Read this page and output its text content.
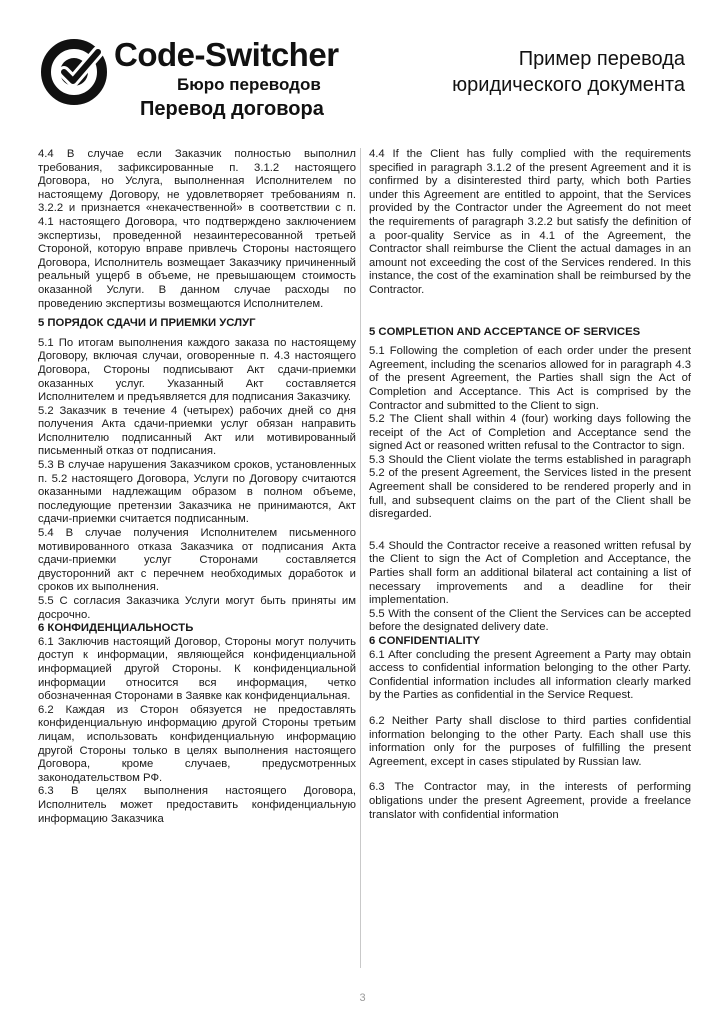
Code-Switcher
Бюро переводов
Перевод договора
Пример перевода
юридического документа

4.4 В случае если Заказчик полностью выполнил требования, зафиксированные п. 3.1.2 настоящего Договора, но Услуга, выполненная Исполнителем по настоящему Договору, не удовлетворяет требованиям п. 3.2.2 и признается «некачественной» в соответствии с п. 4.1 настоящего Договора, что подтверждено заключением экспертизы, проведенной незаинтересованной третьей Стороной, которую вправе привлечь Стороны настоящего Договора, Исполнитель возмещает Заказчику причиненный реальный ущерб в объеме, не превышающем стоимость оказанной Услуги. В данном случае расходы по проведению экспертизы возмещаются Исполнителем.

5 ПОРЯДОК СДАЧИ И ПРИЕМКИ УСЛУГ

5.1 По итогам выполнения каждого заказа по настоящему Договору, включая случаи, оговоренные п. 4.3 настоящего Договора, Стороны подписывают Акт сдачи-приемки оказанных услуг. Указанный Акт составляется Исполнителем и предъявляется для подписания Заказчику.

5.2 Заказчик в течение 4 (четырех) рабочих дней со дня получения Акта сдачи-приемки услуг обязан направить Исполнителю подписанный Акт или мотивированный письменный отказ от подписания.

5.3 В случае нарушения Заказчиком сроков, установленных п. 5.2 настоящего Договора, Услуги по Договору считаются оказанными надлежащим образом в полном объеме, последующие претензии Заказчика не принимаются, Акт сдачи-приемки считается подписанным.

5.4 В случае получения Исполнителем письменного мотивированного отказа Заказчика от подписания Акта сдачи-приемки услуг Сторонами составляется двусторонний акт с перечнем необходимых доработок и сроков их выполнения.

5.5 С согласия Заказчика Услуги могут быть приняты им досрочно.

6 КОНФИДЕНЦИАЛЬНОСТЬ

6.1 Заключив настоящий Договор, Стороны могут получить доступ к информации, являющейся конфиденциальной информацией другой Стороны. К конфиденциальной информации относится вся информация, четко обозначенная Сторонами в Заявке как конфиденциальная.

6.2 Каждая из Сторон обязуется не предоставлять конфиденциальную информацию другой Стороны третьим лицам, использовать конфиденциальную информацию другой Стороны только в целях выполнения настоящего Договора, кроме случаев, предусмотренных законодательством РФ.

6.3 В целях выполнения настоящего Договора, Исполнитель может предоставить конфиденциальную информацию Заказчика

4.4 If the Client has fully complied with the requirements specified in paragraph 3.1.2 of the present Agreement and it is confirmed by a disinterested third party, which both Parties under this Agreement are entitled to appoint, that the Services provided by the Contractor under the Agreement do not meet the requirements of paragraph 3.2.2 but satisfy the definition of a poor-quality Service as in 4.1 of the Agreement, the Contractor shall reimburse the Client the actual damages in an amount not exceeding the cost of the Services rendered. In this instance, the cost of the examination shall be reimbursed by the Contractor.

5 COMPLETION AND ACCEPTANCE OF SERVICES

5.1 Following the completion of each order under the present Agreement, including the scenarios allowed for in paragraph 4.3 of the present Agreement, the Parties shall sign the Act of Completion and Acceptance. This Act is comprised by the Contractor and submitted to the Client to sign.

5.2 The Client shall within 4 (four) working days following the receipt of the Act of Completion and Acceptance send the signed Act or reasoned written refusal to the Contractor to sign.

5.3 Should the Client violate the terms established in paragraph 5.2 of the present Agreement, the Services listed in the present Agreement shall be considered to be rendered properly and in full, and subsequent claims on the part of the Client shall be disregarded.

5.4 Should the Contractor receive a reasoned written refusal by the Client to sign the Act of Completion and Acceptance, the Parties shall form an additional bilateral act containing a list of necessary improvements and a deadline for their implementation.

5.5 With the consent of the Client the Services can be accepted before the designated delivery date.

6 CONFIDENTIALITY

6.1 After concluding the present Agreement a Party may obtain access to confidential information belonging to the other Party. Confidential information includes all information clearly marked by the Parties as confidential in the Service Request.

6.2 Neither Party shall disclose to third parties confidential information belonging to the other Party. Each shall use this information only for the purposes of fulfilling the present Agreement, except in cases stipulated by Russian law.

6.3 The Contractor may, in the interests of performing obligations under the present Agreement, provide a freelance translator with confidential information

3
